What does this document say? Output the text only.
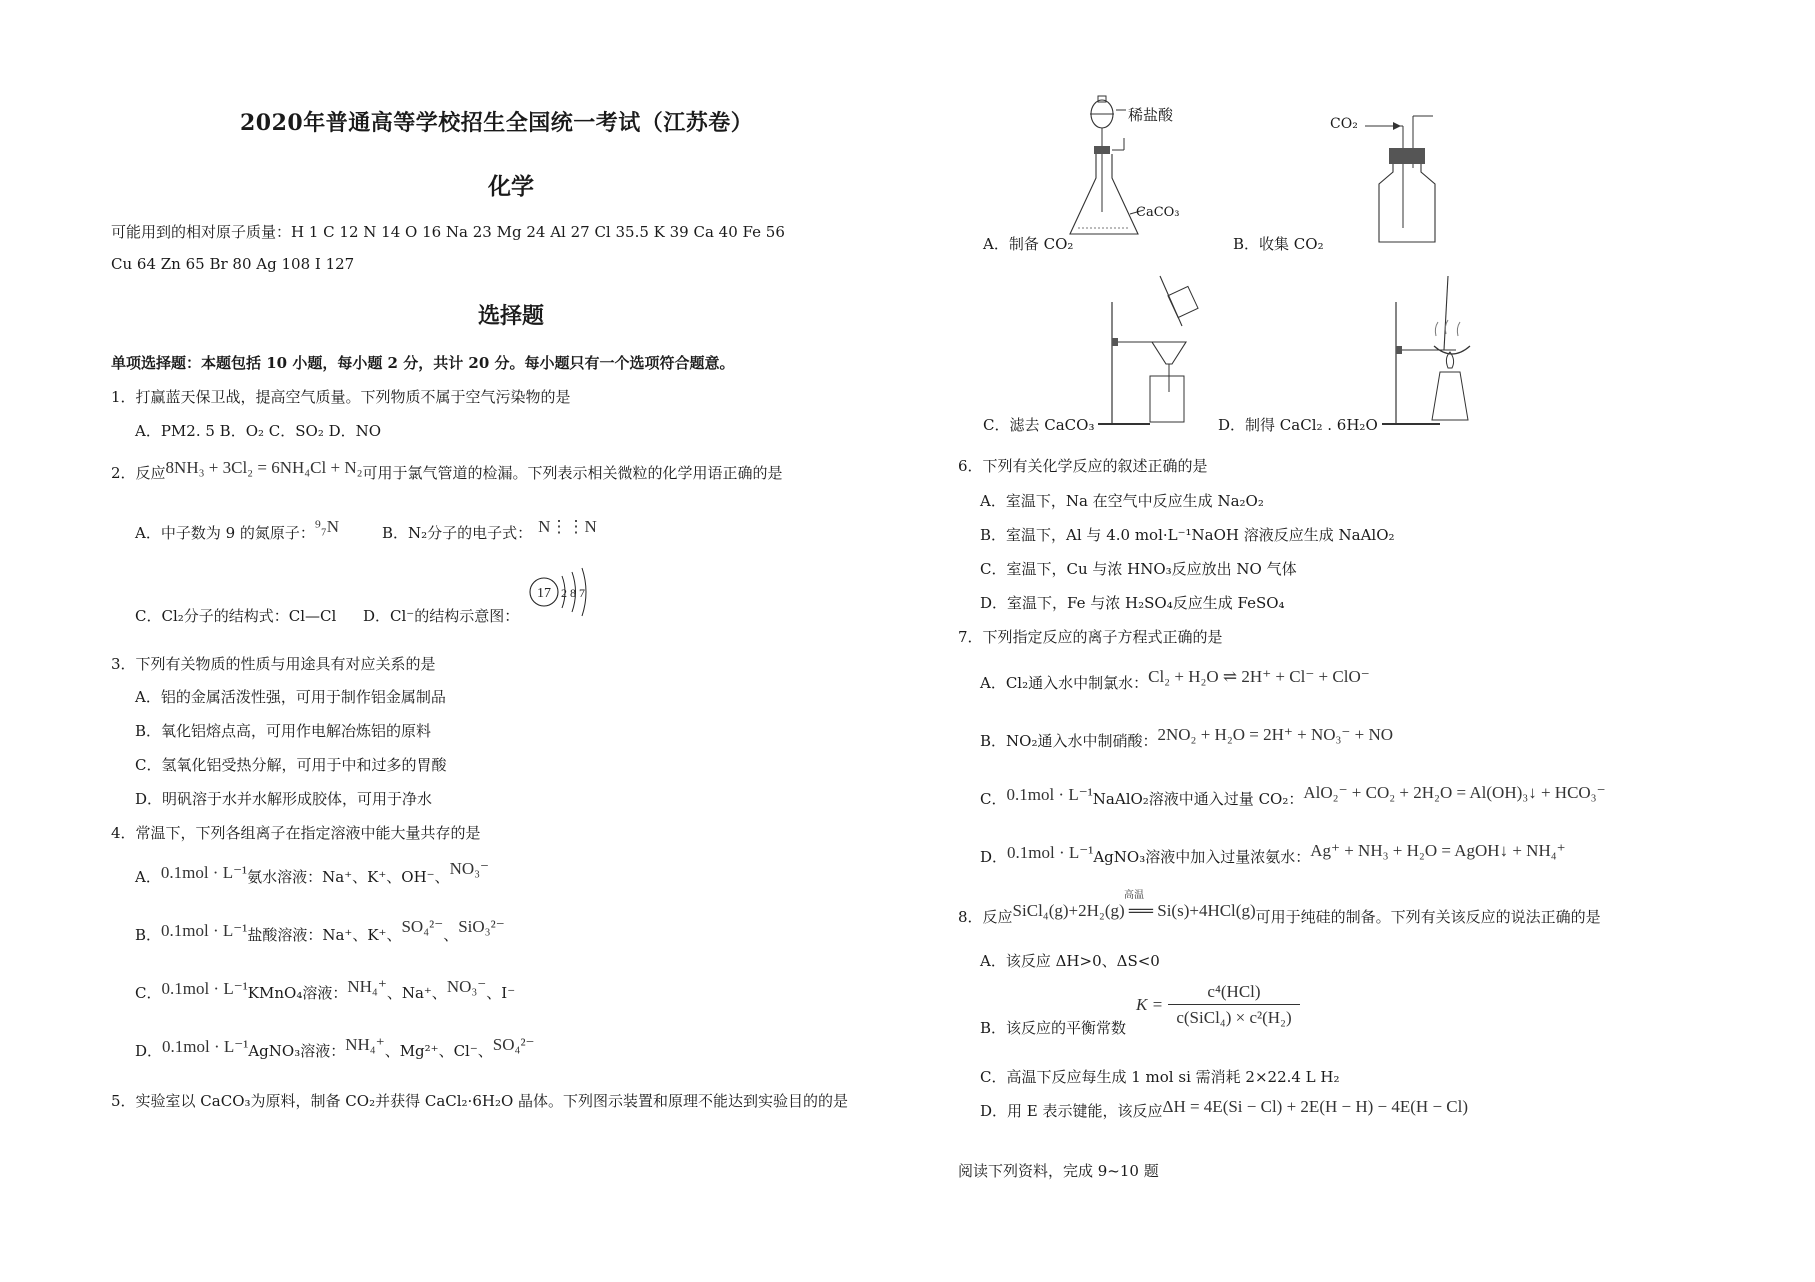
2020年普通高等学校招生全国统一考试（江苏卷）
化学
可能用到的相对原子质量：H 1 C 12 N 14 O 16 Na 23 Mg 24 Al 27 Cl 35.5 K 39 Ca 40 Fe 56
Cu 64 Zn 65 Br 80 Ag 108 I 127
选择题
单项选择题：本题包括 10 小题，每小题 2 分，共计 20 分。每小题只有一个选项符合题意。
1．打赢蓝天保卫战，提高空气质量。下列物质不属于空气污染物的是
A．PM2. 5 B．O₂ C．SO₂ D．NO
2．反应8NH₃ + 3Cl₂ = 6NH₄Cl + N₂可用于氯气管道的检漏。下列表示相关微粒的化学用语正确的是
A．中子数为 9 的氮原子：⁹₇N	B．N₂分子的电子式： N⋮⋮N
C．Cl₂分子的结构式：Cl—Cl D．Cl⁻的结构示意图：
17 2 8 7
3．下列有关物质的性质与用途具有对应关系的是
A．铝的金属活泼性强，可用于制作铝金属制品
B．氧化铝熔点高，可用作电解冶炼铝的原料
C．氢氧化铝受热分解，可用于中和过多的胃酸
D．明矾溶于水并水解形成胶体，可用于净水
4．常温下，下列各组离子在指定溶液中能大量共存的是
A．0.1mol · L⁻¹氨水溶液：Na⁺、K⁺、OH⁻、NO₃⁻
B．0.1mol · L⁻¹盐酸溶液：Na⁺、K⁺、SO₄²⁻、SiO₃²⁻
C．0.1mol · L⁻¹KMnO₄溶液：NH₄⁺、Na⁺、NO₃⁻、I⁻
D．0.1mol · L⁻¹AgNO₃溶液：NH₄⁺、Mg²⁺、Cl⁻、SO₄²⁻
5．实验室以 CaCO₃为原料，制备 CO₂并获得 CaCl₂·6H₂O 晶体。下列图示装置和原理不能达到实验目的的是
稀盐酸
CaCO₃
A．制备 CO₂
CO₂
B．收集 CO₂
C．滤去 CaCO₃	D．制得 CaCl₂ . 6H₂O
6．下列有关化学反应的叙述正确的是
A．室温下，Na 在空气中反应生成 Na₂O₂
B．室温下，Al 与 4.0 mol·L⁻¹NaOH 溶液反应生成 NaAlO₂
C．室温下，Cu 与浓 HNO₃反应放出 NO 气体
D．室温下，Fe 与浓 H₂SO₄反应生成 FeSO₄
7．下列指定反应的离子方程式正确的是
A．Cl₂通入水中制氯水：Cl₂ + H₂O ⇌ 2H⁺ + Cl⁻ + ClO⁻
B．NO₂通入水中制硝酸：2NO₂ + H₂O = 2H⁺ + NO₃⁻ + NO
C．0.1mol · L⁻¹NaAlO₂溶液中通入过量 CO₂：AlO₂⁻ + CO₂ + 2H₂O = Al(OH)₃↓ + HCO₃⁻
D．0.1mol · L⁻¹AgNO₃溶液中加入过量浓氨水：Ag⁺ + NH₃ + H₂O = AgOH↓ + NH₄⁺
8．反应SiCl₄(g)+2H₂(g) ══ Si(s)+4HCl(g)可用于纯硅的制备。下列有关该反应的说法正确的是
高温
A．该反应 ΔH>0、ΔS<0
B．该反应的平衡常数
K =
c⁴(HCl)
c(SiCl₄) × c²(H₂)
C．高温下反应每生成 1 mol si 需消耗 2×22.4 L H₂
D．用 E 表示键能，该反应ΔH = 4E(Si − Cl) + 2E(H − H) − 4E(H − Cl)
阅读下列资料，完成 9~10 题
